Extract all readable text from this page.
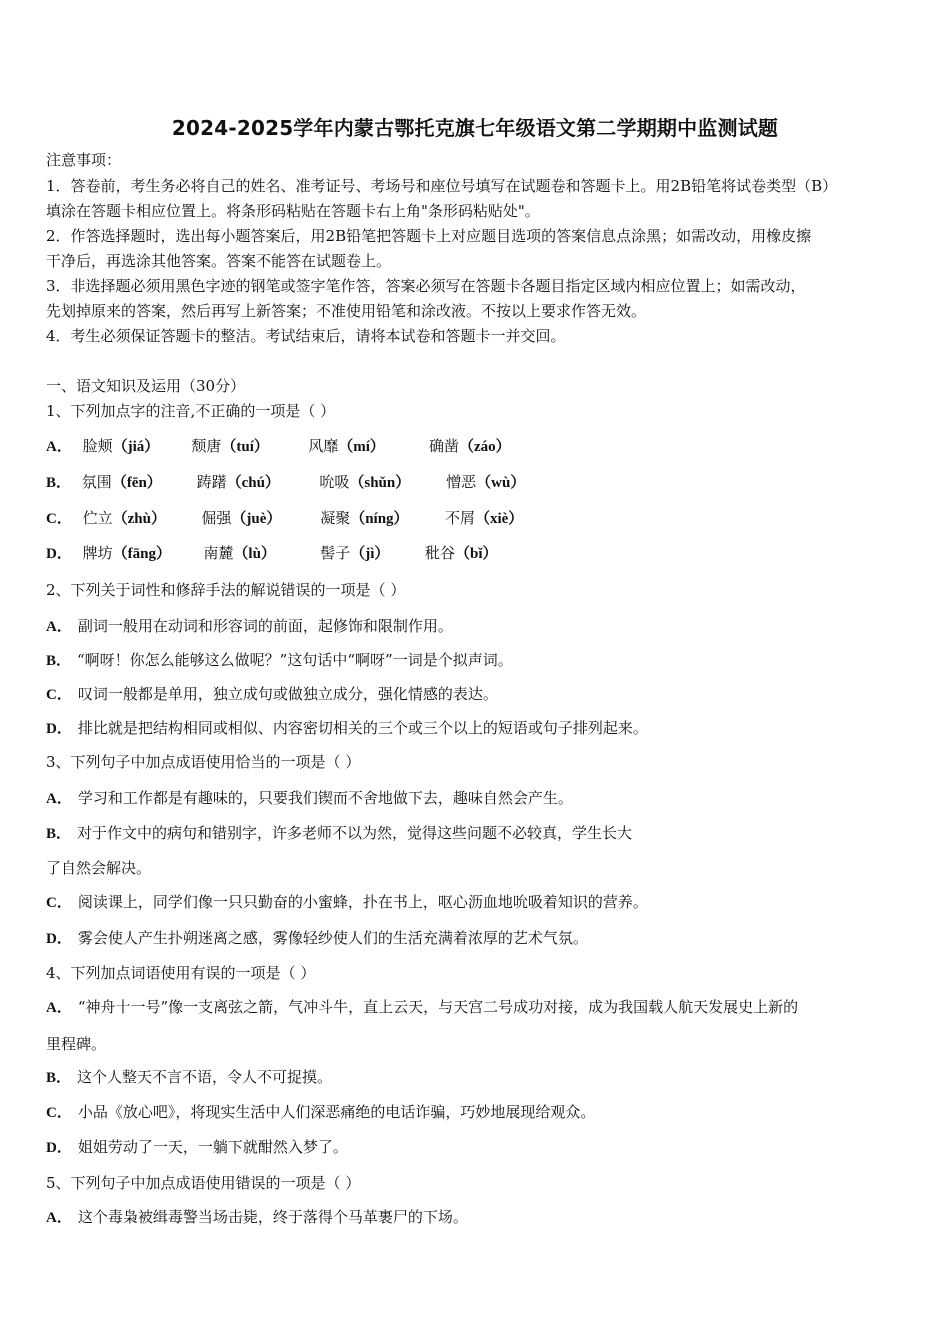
2024-2025学年内蒙古鄂托克旗七年级语文第二学期期中监测试题
注意事项：
1．答卷前，考生务必将自己的姓名、准考证号、考场号和座位号填写在试题卷和答题卡上。用2B铅笔将试卷类型（B）
填涂在答题卡相应位置上。将条形码粘贴在答题卡右上角"条形码粘贴处"。
2．作答选择题时，选出每小题答案后，用2B铅笔把答题卡上对应题目选项的答案信息点涂黑；如需改动，用橡皮擦
干净后，再选涂其他答案。答案不能答在试题卷上。
3．非选择题必须用黑色字迹的钢笔或签字笔作答，答案必须写在答题卡各题目指定区域内相应位置上；如需改动，
先划掉原来的答案，然后再写上新答案；不准使用铅笔和涂改液。不按以上要求作答无效。
4．考生必须保证答题卡的整洁。考试结束后，请将本试卷和答题卡一并交回。
一、语文知识及运用（30分）
1、下列加点字的注音,不正确的一项是（ ）
A． 脸颊（jiá） 颓唐（tuí）	风靡（mí）	确凿（záo）
B． 氛围（fēn） 踌躇（chú）	吮吸（shǔn） 憎恶（wù）
C． 伫立（zhù） 倔强（juè）	凝聚（níng） 不屑（xiè）
D． 牌坊（fāng） 南麓（lù）	髻子（jì） 秕谷（bǐ）
2、下列关于词性和修辞手法的解说错误的一项是（ ）
A． 副词一般用在动词和形容词的前面，起修饰和限制作用。
B． “啊呀！你怎么能够这么做呢？”这句话中“啊呀”一词是个拟声词。
C． 叹词一般都是单用，独立成句或做独立成分，强化情感的表达。
D． 排比就是把结构相同或相似、内容密切相关的三个或三个以上的短语或句子排列起来。
3、下列句子中加点成语使用恰当的一项是（ ）
A． 学习和工作都是有趣味的，只要我们锲而不舍地做下去，趣味自然会产生。
B． 对于作文中的病句和错别字，许多老师不以为然，觉得这些问题不必较真，学生长大
了自然会解决。
C． 阅读课上，同学们像一只只勤奋的小蜜蜂，扑在书上，呕心沥血地吮吸着知识的营养。
D． 雾会使人产生扑朔迷离之感，雾像轻纱使人们的生活充满着浓厚的艺术气氛。
4、下列加点词语使用有误的一项是（ ）
A． “神舟十一号”像一支离弦之箭，气冲斗牛，直上云天，与天宫二号成功对接，成为我国载人航天发展史上新的
里程碑。
B． 这个人整天不言不语，令人不可捉摸。
C． 小品《放心吧》，将现实生活中人们深恶痛绝的电话诈骗，巧妙地展现给观众。
D． 姐姐劳动了一天，一躺下就酣然入梦了。
5、下列句子中加点成语使用错误的一项是（ ）
A． 这个毒枭被缉毒警当场击毙，终于落得个马革裹尸的下场。
